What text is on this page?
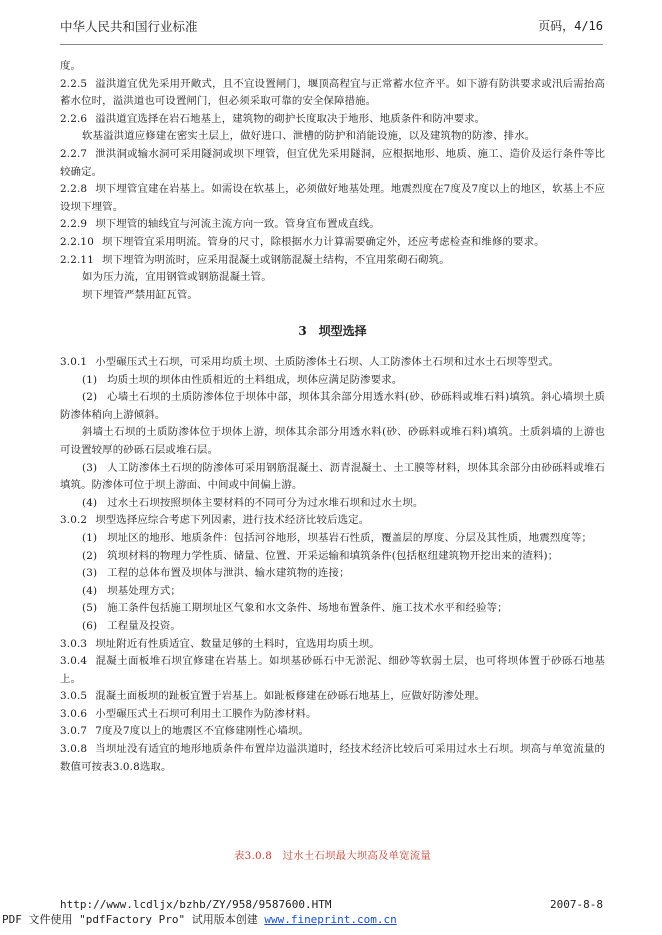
中华人民共和国行业标准	页码，4/16

度。

2.2.5 溢洪道宜优先采用开敞式，且不宜设置闸门，堰顶高程宜与正常蓄水位齐平。如下游有防洪要求或汛后需抬高蓄水位时，溢洪道也可设置闸门，但必须采取可靠的安全保障措施。

2.2.6 溢洪道宜选择在岩石地基上，建筑物的砌护长度取决于地形、地质条件和防冲要求。

软基溢洪道应修建在密实土层上，做好进口、泄槽的防护和消能设施，以及建筑物的防渗、排水。

2.2.7 泄洪洞或输水洞可采用隧洞或坝下埋管，但宜优先采用隧洞，应根据地形、地质、施工、造价及运行条件等比较确定。

2.2.8 坝下埋管宜建在岩基上。如需设在软基上，必须做好地基处理。地震烈度在7度及7度以上的地区，软基上不应设坝下埋管。

2.2.9 坝下埋管的轴线宜与河流主流方向一致。管身宜布置成直线。

2.2.10 坝下埋管宜采用明流。管身的尺寸，除根据水力计算需要确定外，还应考虑检查和维修的要求。

2.2.11 坝下埋管为明流时，应采用混凝土或钢筋混凝土结构，不宜用浆砌石砌筑。

如为压力流，宜用钢管或钢筋混凝土管。

坝下埋管严禁用缸瓦管。

3　坝型选择

3.0.1 小型碾压式土石坝，可采用均质土坝、土质防渗体土石坝、人工防渗体土石坝和过水土石坝等型式。

(1) 均质土坝的坝体由性质相近的土料组成，坝体应满足防渗要求。

(2) 心墙土石坝的土质防渗体位于坝体中部，坝体其余部分用透水料(砂、砂砾料或堆石料)填筑。斜心墙坝土质防渗体稍向上游倾斜。

斜墙土石坝的土质防渗体位于坝体上游，坝体其余部分用透水料(砂、砂砾料或堆石料)填筑。土质斜墙的上游也可设置较厚的砂砾石层或堆石层。

(3) 人工防渗体土石坝的防渗体可采用钢筋混凝土、沥青混凝土、土工膜等材料，坝体其余部分由砂砾料或堆石填筑。防渗体可位于坝上游面、中间或中间偏上游。

(4) 过水土石坝按照坝体主要材料的不同可分为过水堆石坝和过水土坝。

3.0.2 坝型选择应综合考虑下列因素，进行技术经济比较后选定。

(1) 坝址区的地形、地质条件：包括河谷地形，坝基岩石性质，覆盖层的厚度、分层及其性质，地震烈度等；

(2) 筑坝材料的物理力学性质、储量、位置、开采运输和填筑条件(包括枢纽建筑物开挖出来的渣料)；

(3) 工程的总体布置及坝体与泄洪、输水建筑物的连接；

(4) 坝基处理方式；

(5) 施工条件包括施工期坝址区气象和水文条件、场地布置条件、施工技术水平和经验等；

(6) 工程量及投资。

3.0.3 坝址附近有性质适宜、数量足够的土料时，宜选用均质土坝。

3.0.4 混凝土面板堆石坝宜修建在岩基上。如坝基砂砾石中无淤泥、细砂等软弱土层，也可将坝体置于砂砾石地基上。

3.0.5 混凝土面板坝的趾板宜置于岩基上。如趾板修建在砂砾石地基上，应做好防渗处理。

3.0.6 小型碾压式土石坝可利用土工膜作为防渗材料。

3.0.7 7度及7度以上的地震区不宜修建刚性心墙坝。

3.0.8 当坝址没有适宜的地形地质条件布置岸边溢洪道时，经技术经济比较后可采用过水土石坝。坝高与单宽流量的数值可按表3.0.8选取。

表3.0.8　过水土石坝最大坝高及单宽流量
http://www.lcdljx/bzhb/ZY/958/9587600.HTM	2007-8-8
PDF 文件使用 "pdfFactory Pro" 试用版本创建 www.fineprint.com.cn
